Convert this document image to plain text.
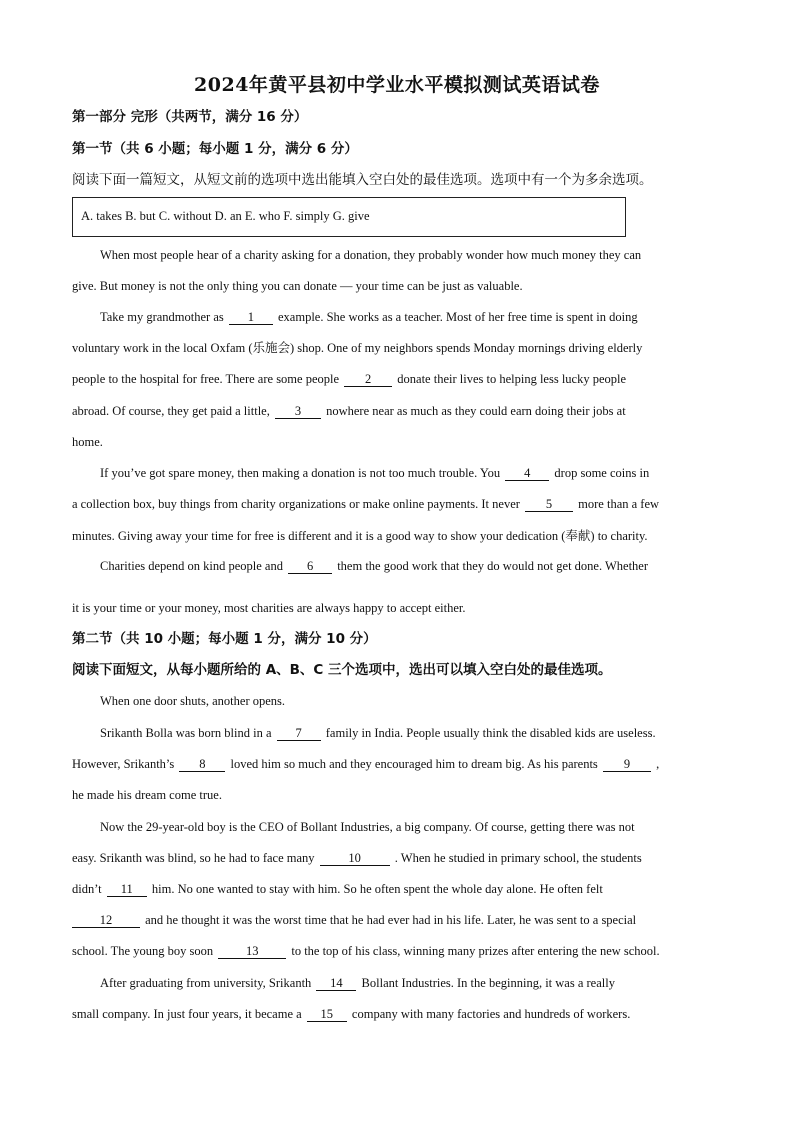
2024年黄平县初中学业水平模拟测试英语试卷
第一部分 完形（共两节，满分 16 分）
第一节（共 6 小题；每小题 1 分，满分 6 分）
阅读下面一篇短文，从短文前的选项中选出能填入空白处的最佳选项。选项中有一个为多余选项。
A. takes B. but C. without D. an E. who F. simply G. give
When most people hear of a charity asking for a donation, they probably wonder how much money they can
give. But money is not the only thing you can donate — your time can be just as valuable.
Take my grandmother as 1 example. She works as a teacher. Most of her free time is spent in doing
voluntary work in the local Oxfam (乐施会) shop. One of my neighbors spends Monday mornings driving elderly
people to the hospital for free. There are some people 2 donate their lives to helping less lucky people
abroad. Of course, they get paid a little, 3 nowhere near as much as they could earn doing their jobs at
home.
If you’ve got spare money, then making a donation is not too much trouble. You 4 drop some coins in
a collection box, buy things from charity organizations or make online payments. It never 5 more than a few
minutes. Giving away your time for free is different and it is a good way to show your dedication (奉献) to charity.
Charities depend on kind people and 6 them the good work that they do would not get done. Whether
it is your time or your money, most charities are always happy to accept either.
第二节（共 10 小题；每小题 1 分，满分 10 分）
阅读下面短文，从每小题所给的 A、B、C 三个选项中，选出可以填入空白处的最佳选项。
When one door shuts, another opens.
Srikanth Bolla was born blind in a 7 family in India. People usually think the disabled kids are useless.
However, Srikanth’s 8 loved him so much and they encouraged him to dream big. As his parents 9 ,
he made his dream come true.
Now the 29-year-old boy is the CEO of Bollant Industries, a big company. Of course, getting there was not
easy. Srikanth was blind, so he had to face many	10	. When he studied in primary school, the students
didn’t 11 him. No one wanted to stay with him. So he often spent the whole day alone. He often felt
12	and he thought it was the worst time that he had ever had in his life. Later, he was sent to a special
school. The young boy soon	13	to the top of his class, winning many prizes after entering the new school.
After graduating from university, Srikanth 14 Bollant Industries. In the beginning, it was a really
small company. In just four years, it became a 15 company with many factories and hundreds of workers.
